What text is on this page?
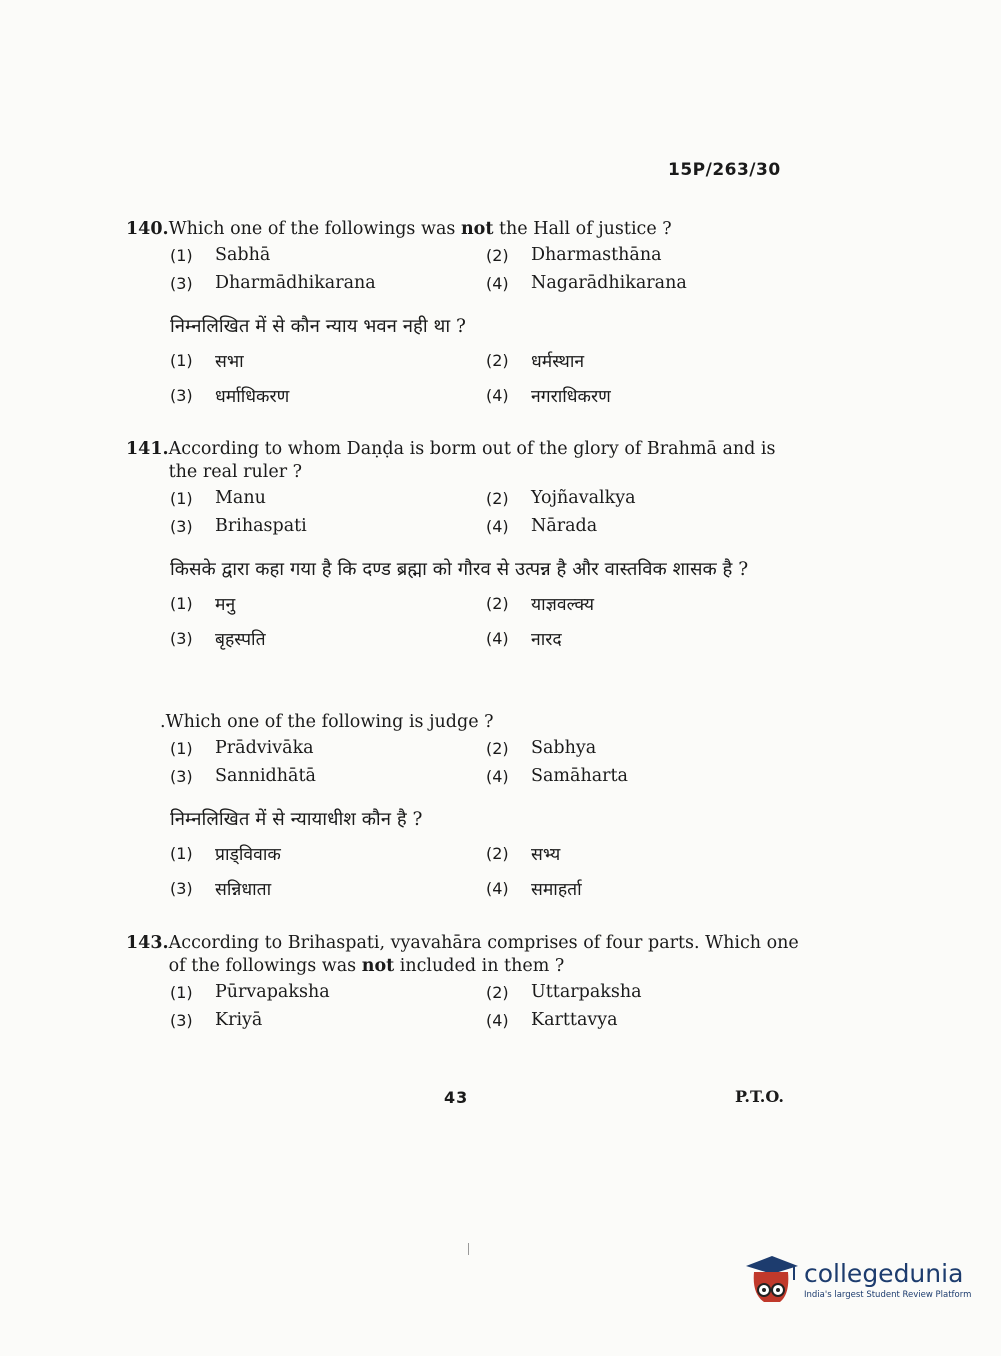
15P/263/30
140. Which one of the followings was not the Hall of justice ?
(1)	Sabhā	(2)	Dharmasthāna
(3)	Dharmādhikarana	(4)	Nagarādhikarana
निम्नलिखित में से कौन न्याय भवन नही था ?
(1)	सभा	(2)	धर्मस्थान
(3)	धर्माधिकरण	(4)	नगराधिकरण
141. According to whom Daṇḍa is borm out of the glory of Brahmā and is the real ruler ?
(1)	Manu	(2)	Yojñavalkya
(3)	Brihaspati	(4)	Nārada
किसके द्वारा कहा गया है कि दण्ड ब्रह्मा को गौरव से उत्पन्न है और वास्तविक शासक है ?
(1)	मनु	(2)	याज्ञवल्क्य
(3)	बृहस्पति	(4)	नारद
. Which one of the following is judge ?
(1)	Prādvivāka	(2)	Sabhya
(3)	Sannidhātā	(4)	Samāharta
निम्नलिखित में से न्यायाधीश कौन है ?
(1)	प्राड्विवाक	(2)	सभ्य
(3)	सन्निधाता	(4)	समाहर्ता
143. According to Brihaspati, vyavahāra comprises of four parts. Which one of the followings was not included in them ?
(1)	Pūrvapaksha	(2)	Uttarpaksha
(3)	Kriyā	(4)	Karttavya
43	P.T.O.
collegedunia
India's largest Student Review Platform
